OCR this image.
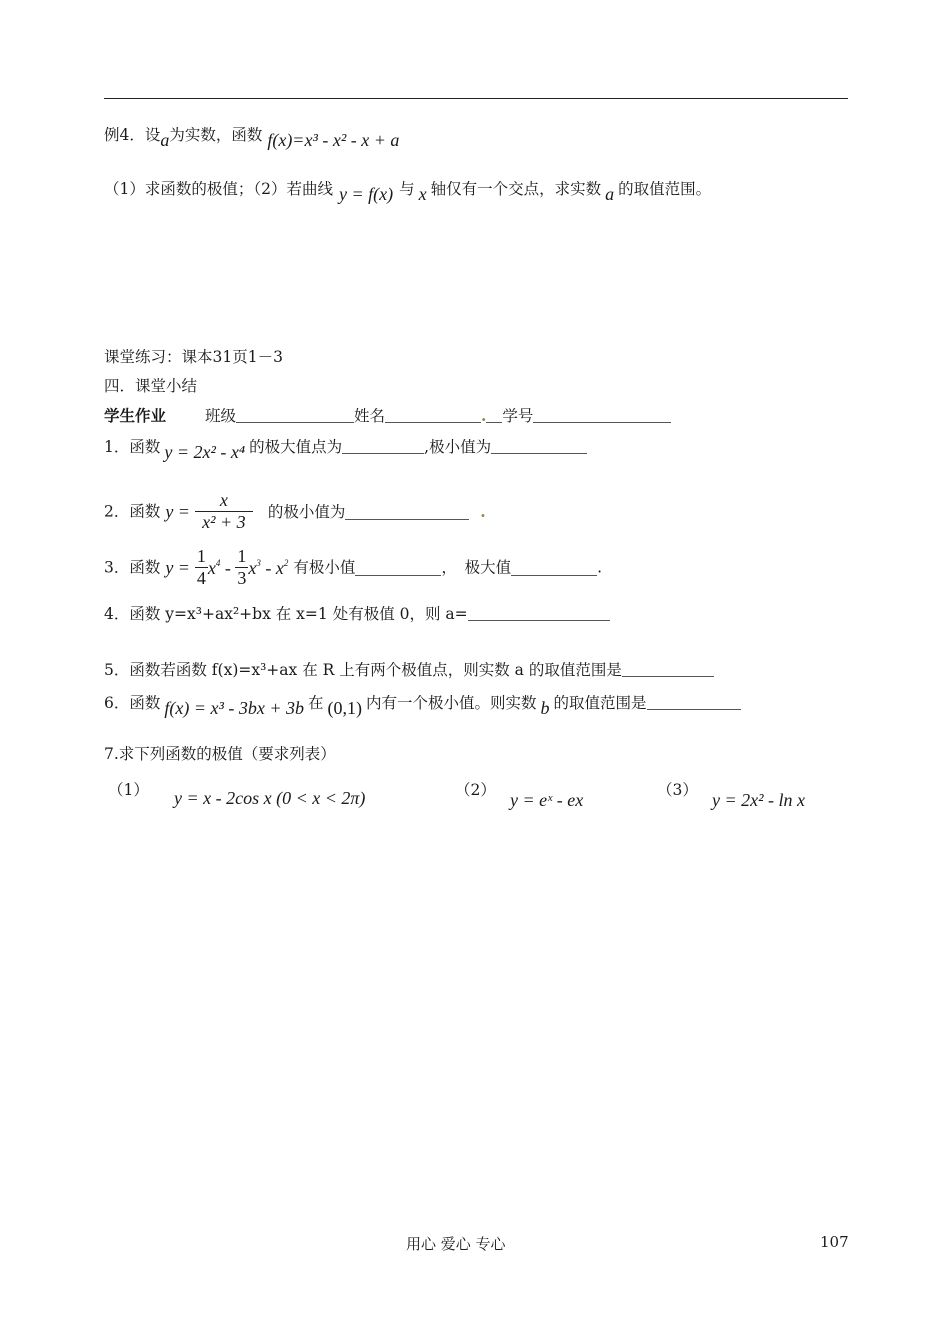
例4．设a为实数，函数 f(x)=x³ - x² - x + a
（1）求函数的极值；（2）若曲线 y = f(x) 与 x 轴仅有一个交点，求实数 a 的取值范围。
课堂练习：课本31页1－3
四．课堂小结
学生作业	班级	姓名	. 学号
1．函数 y = 2x² - x⁴ 的极大值点为	,极小值为
2．函数 $y = \frac{x}{\text{x² + 3}}$ 的极小值为	.
3．函数 $y = \frac{1}{4} x^4 - \frac{1}{3} x^3 - x^2$ 有极小值	，　极大值	.
4．函数 y=x³+ax²+bx 在 x=1 处有极值 0，则 a=
5．函数若函数 f(x)=x³+ax 在 R 上有两个极值点，则实数 a 的取值范围是
6．函数 f(x) = x³ - 3bx + 3b 在 (0,1) 内有一个极小值。则实数 b 的取值范围是
7.求下列函数的极值（要求列表）
（1） y = x - 2cos x (0 < x < 2π)	（2） y = eˣ - ex	（3） y = 2x² - ln x
用心 爱心 专心	107
